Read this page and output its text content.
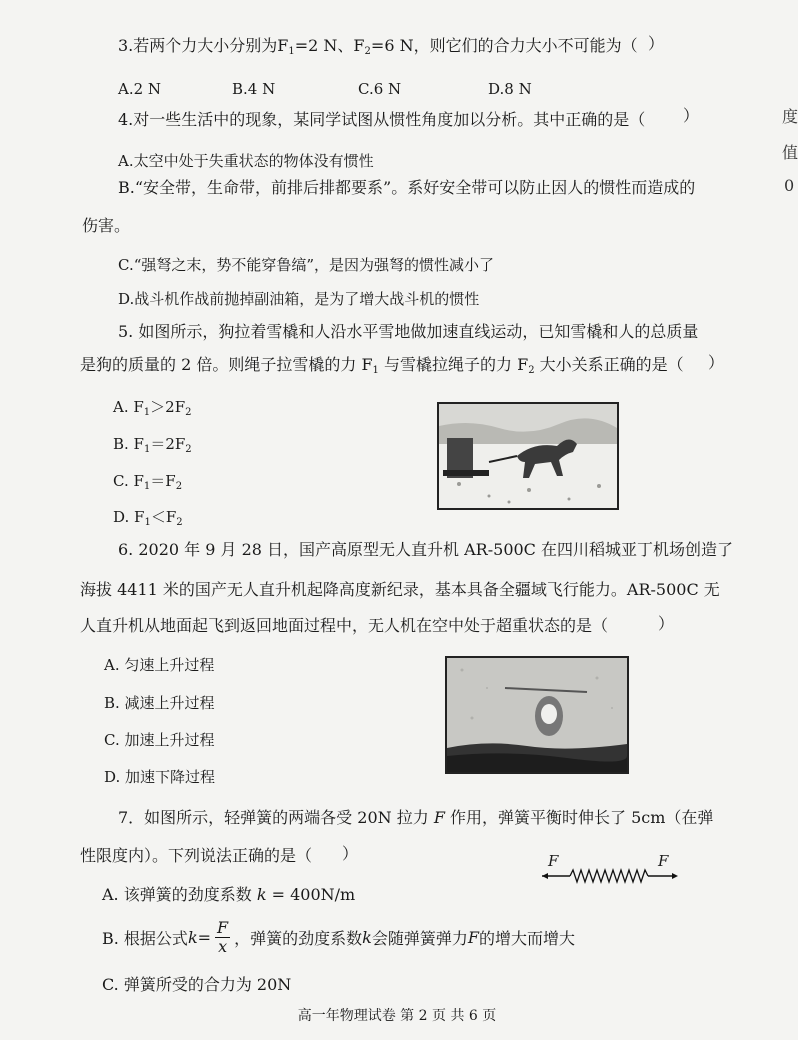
3.若两个力大小分别为$F_1=2$ N、$F_2=6$ N，则它们的合力大小不可能为（ ）
A.2 N	B.4 N	C.6 N	D.8 N
4.对一些生活中的现象，某同学试图从惯性角度加以分析。其中正确的是（ ）
A.太空中处于失重状态的物体没有惯性
B.“安全带，生命带，前排后排都要系”。系好安全带可以防止因人的惯性而造成的
伤害。
C.“强弩之末，势不能穿鲁缟”，是因为强弩的惯性减小了
D.战斗机作战前抛掉副油箱，是为了增大战斗机的惯性
5. 如图所示，狗拉着雪橇和人沿水平雪地做加速直线运动，已知雪橇和人的总质量
是狗的质量的 2 倍。则绳子拉雪橇的力 $F_1$ 与雪橇拉绳子的力 $F_2$ 大小关系正确的是（ ）
A. $F_1>2F_2$
B. $F_1=2F_2$
C. $F_1=F_2$
D. $F_1<F_2$
6. 2020 年 9 月 28 日，国产高原型无人直升机 AR-500C 在四川稻城亚丁机场创造了
海拔 4411 米的国产无人直升机起降高度新纪录，基本具备全疆域飞行能力。AR-500C 无
人直升机从地面起飞到返回地面过程中，无人机在空中处于超重状态的是（	）
A. 匀速上升过程
B. 减速上升过程
C. 加速上升过程
D. 加速下降过程
7．如图所示，轻弹簧的两端各受 20N 拉力 F 作用，弹簧平衡时伸长了 5cm（在弹
性限度内）。下列说法正确的是（ ）	F	F
A. 该弹簧的劲度系数 k = 400N/m
B. 根据公式 $k = \frac{F}{x}$ ，弹簧的劲度系数 k 会随弹簧弹力 F 的增大而增大
C. 弹簧所受的合力为 20N
度
值
0
高一年物理试卷 第 2 页 共 6 页
